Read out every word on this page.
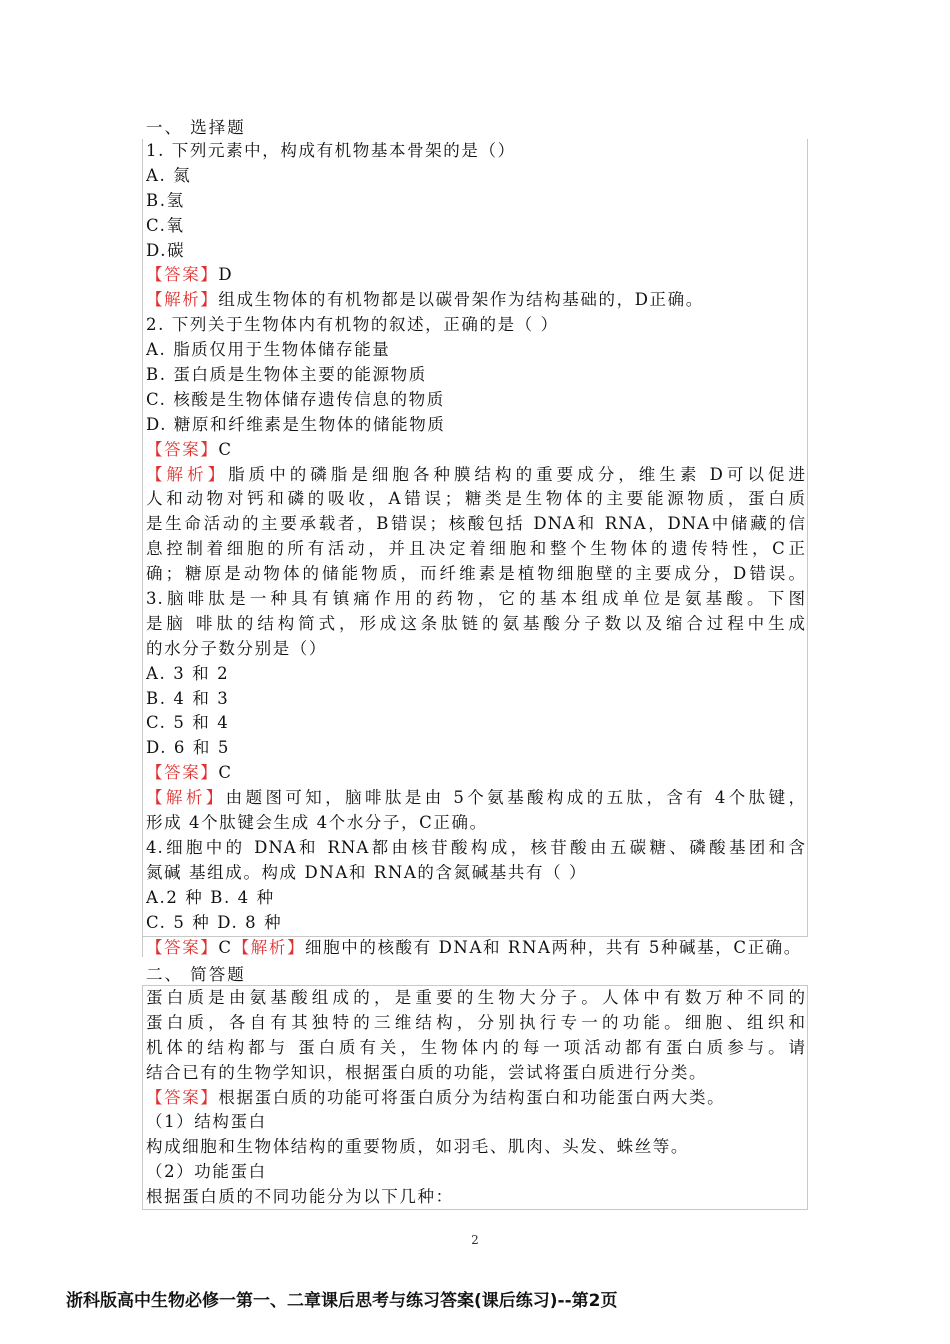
一、 选择题
1. 下列元素中，构成有机物基本骨架的是（）
A. 氮
B.氢
C.氧
D.碳
【答案】D
【解析】组成生物体的有机物都是以碳骨架作为结构基础的，D正确。
2. 下列关于生物体内有机物的叙述，正确的是（ ）
A. 脂质仅用于生物体储存能量
B. 蛋白质是生物体主要的能源物质
C. 核酸是生物体储存遗传信息的物质
D. 糖原和纤维素是生物体的储能物质
【答案】C
【解析】脂质中的磷脂是细胞各种膜结构的重要成分，维生素 D可以促进
人和动物对钙和磷的吸收，A错误；糖类是生物体的主要能源物质，蛋白质
是生命活动的主要承载者，B错误；核酸包括 DNA和 RNA，DNA中储藏的信
息控制着细胞的所有活动，并且决定着细胞和整个生物体的遗传特性，C正
确；糖原是动物体的储能物质，而纤维素是植物细胞壁的主要成分，D错误。
3.脑啡肽是一种具有镇痛作用的药物，它的基本组成单位是氨基酸。下图
是脑 啡肽的结构简式，形成这条肽链的氨基酸分子数以及缩合过程中生成
的水分子数分别是（）
A. 3 和 2
B. 4 和 3
C. 5 和 4
D. 6 和 5
【答案】C
【解析】由题图可知，脑啡肽是由 5个氨基酸构成的五肽，含有 4个肽键，
形成 4个肽键会生成 4个水分子，C正确。
4.细胞中的 DNA和 RNA都由核苷酸构成，核苷酸由五碳糖、磷酸基团和含
氮碱 基组成。构成 DNA和 RNA的含氮碱基共有（ ）
A.2 种 B. 4 种
C. 5 种 D. 8 种
【答案】C【解析】细胞中的核酸有 DNA和 RNA两种，共有 5种碱基，C正确。
二、 简答题
蛋白质是由氨基酸组成的，是重要的生物大分子。人体中有数万种不同的
蛋白质，各自有其独特的三维结构，分别执行专一的功能。细胞、组织和
机体的结构都与 蛋白质有关，生物体内的每一项活动都有蛋白质参与。请
结合已有的生物学知识，根据蛋白质的功能，尝试将蛋白质进行分类。
【答案】根据蛋白质的功能可将蛋白质分为结构蛋白和功能蛋白两大类。
（1）结构蛋白
构成细胞和生物体结构的重要物质，如羽毛、肌肉、头发、蛛丝等。
（2）功能蛋白
根据蛋白质的不同功能分为以下几种：
2
浙科版高中生物必修一第一、二章课后思考与练习答案(课后练习)--第2页
